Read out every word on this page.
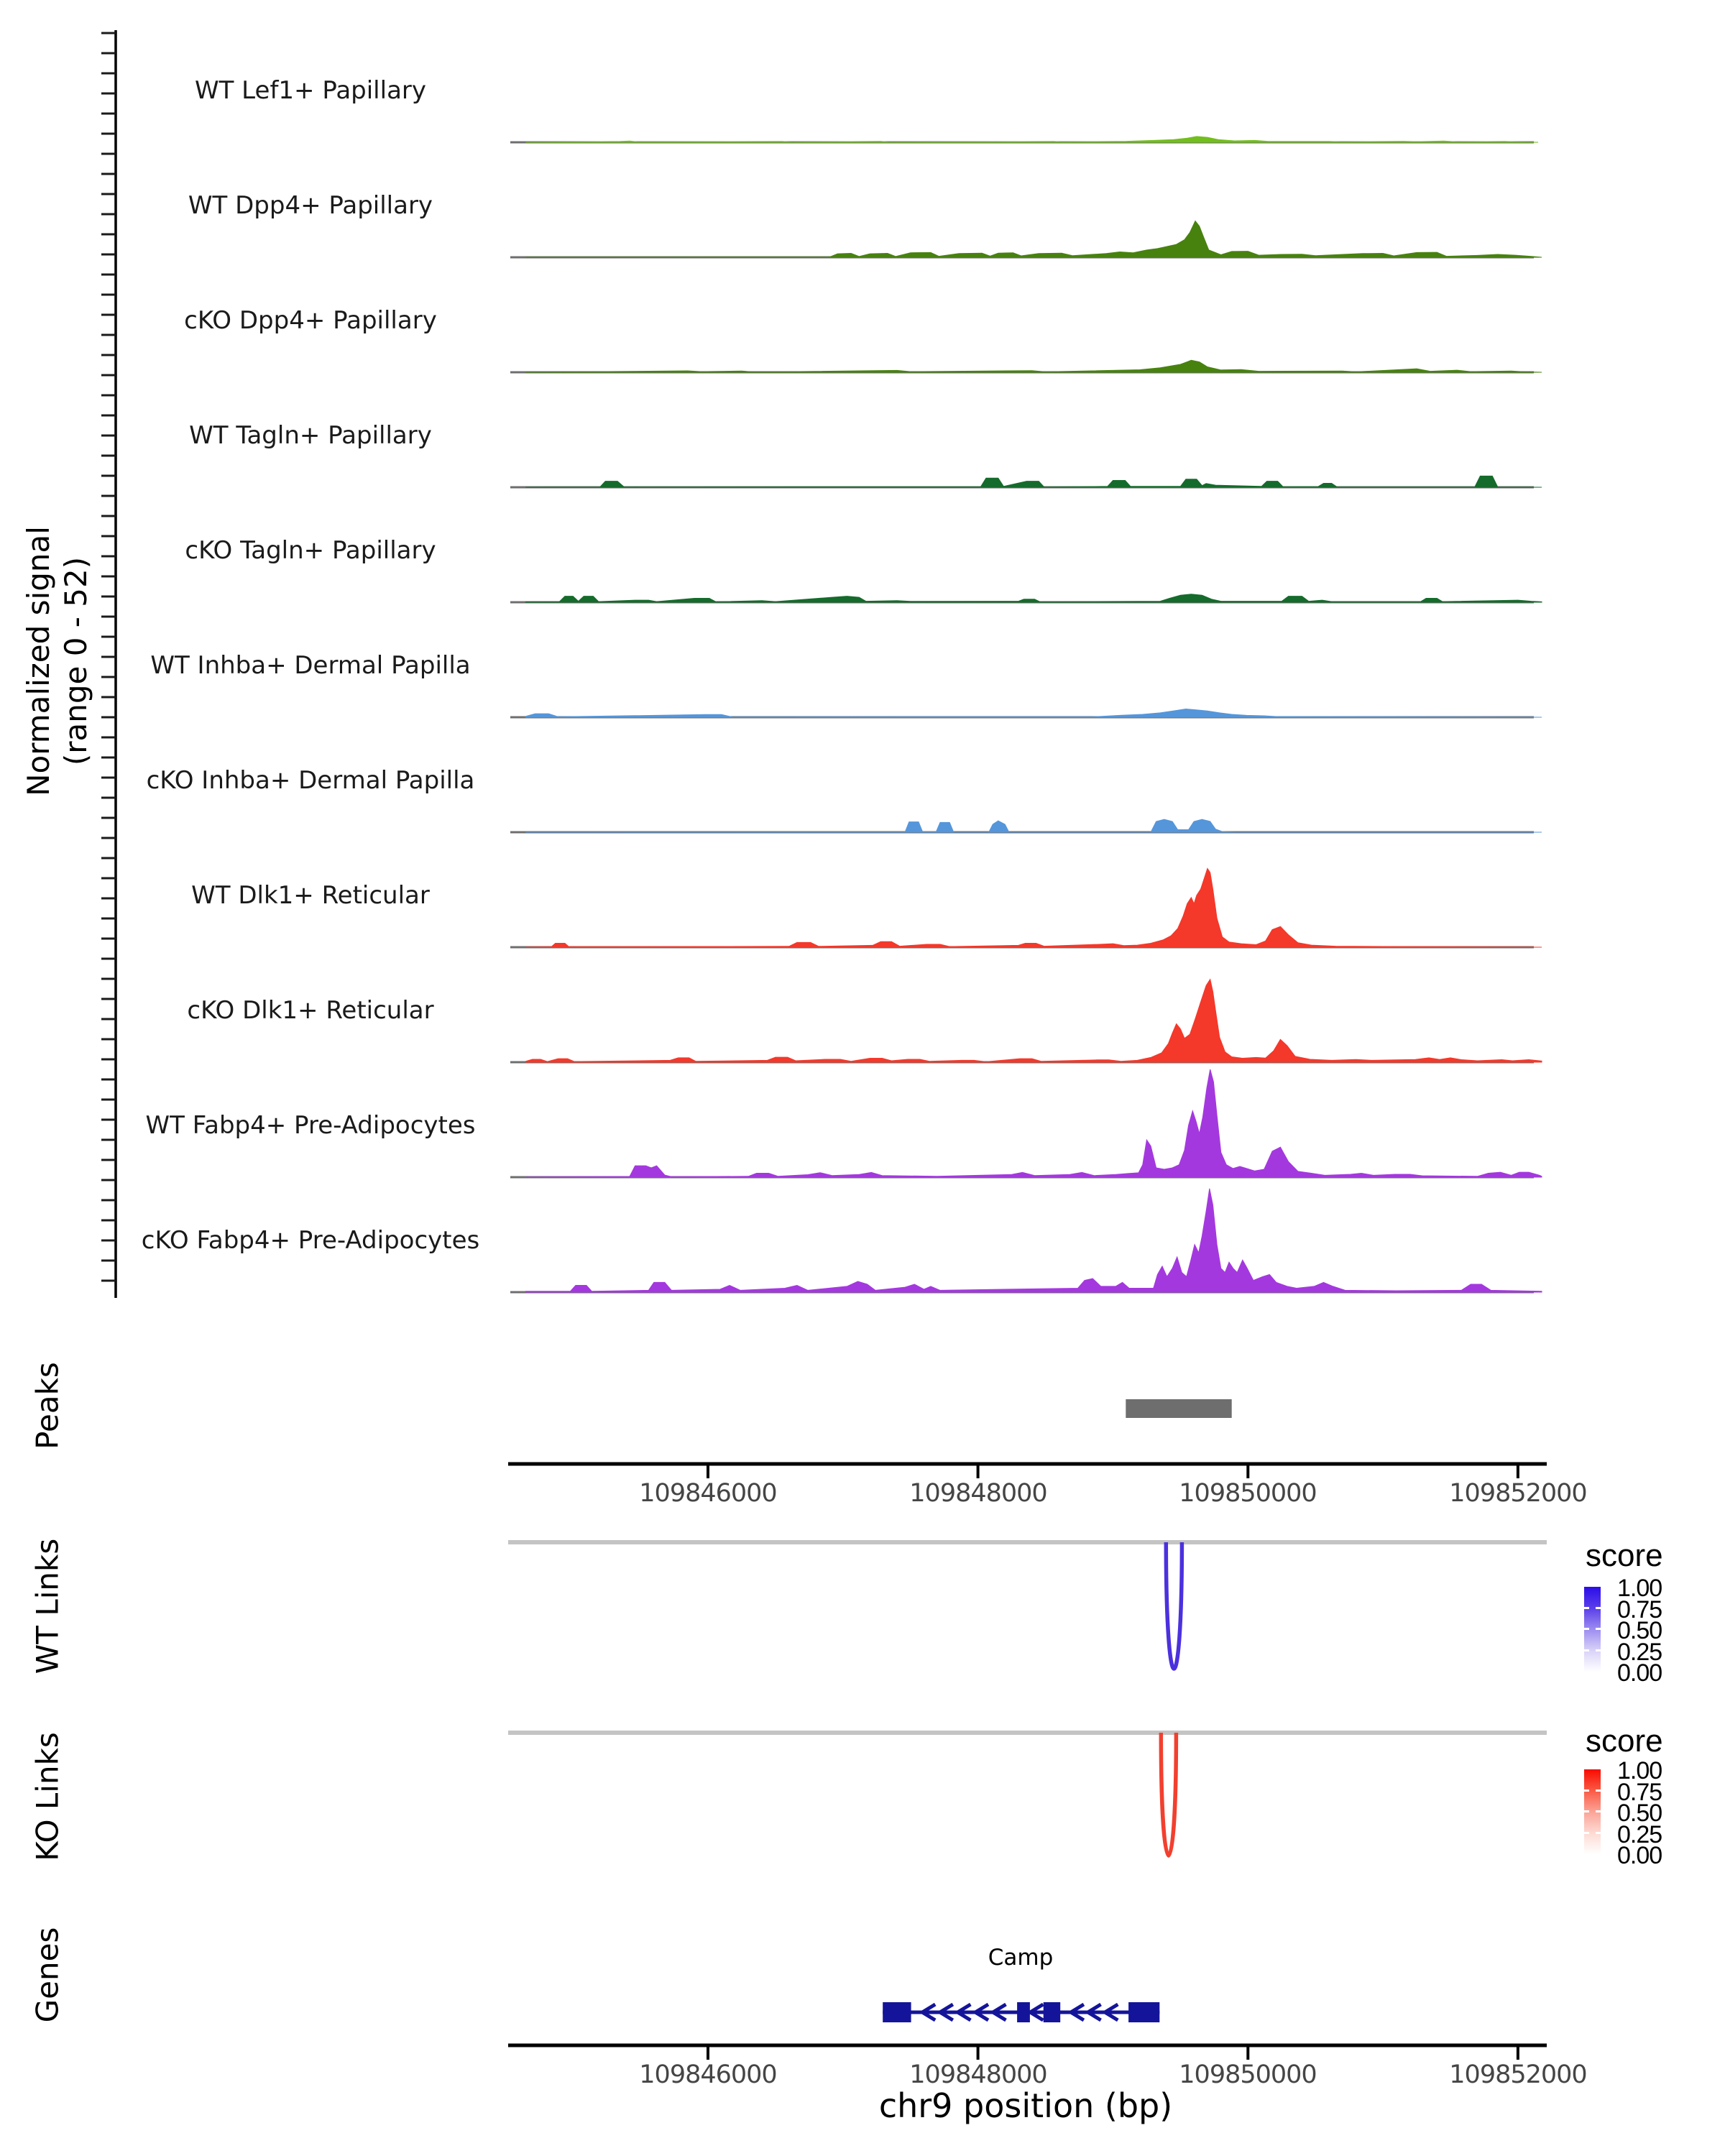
Normalized signal (range 0 - 52)
WT Lef1+ Papillary
WT Dpp4+ Papillary
cKO Dpp4+ Papillary
WT Tagln+ Papillary
cKO Tagln+ Papillary
WT Inhba+ Dermal Papilla
cKO Inhba+ Dermal Papilla
WT Dlk1+ Reticular
cKO Dlk1+ Reticular
WT Fabp4+ Pre-Adipocytes
cKO Fabp4+ Pre-Adipocytes
Peaks
WT Links
KO Links
Genes
109846000	109848000	109850000	109852000
109846000	109848000	109850000	109852000
chr9 position (bp)
Camp
score
1.00
0.75
0.50
0.25
0.00
score
1.00
0.75
0.50
0.25
0.00
